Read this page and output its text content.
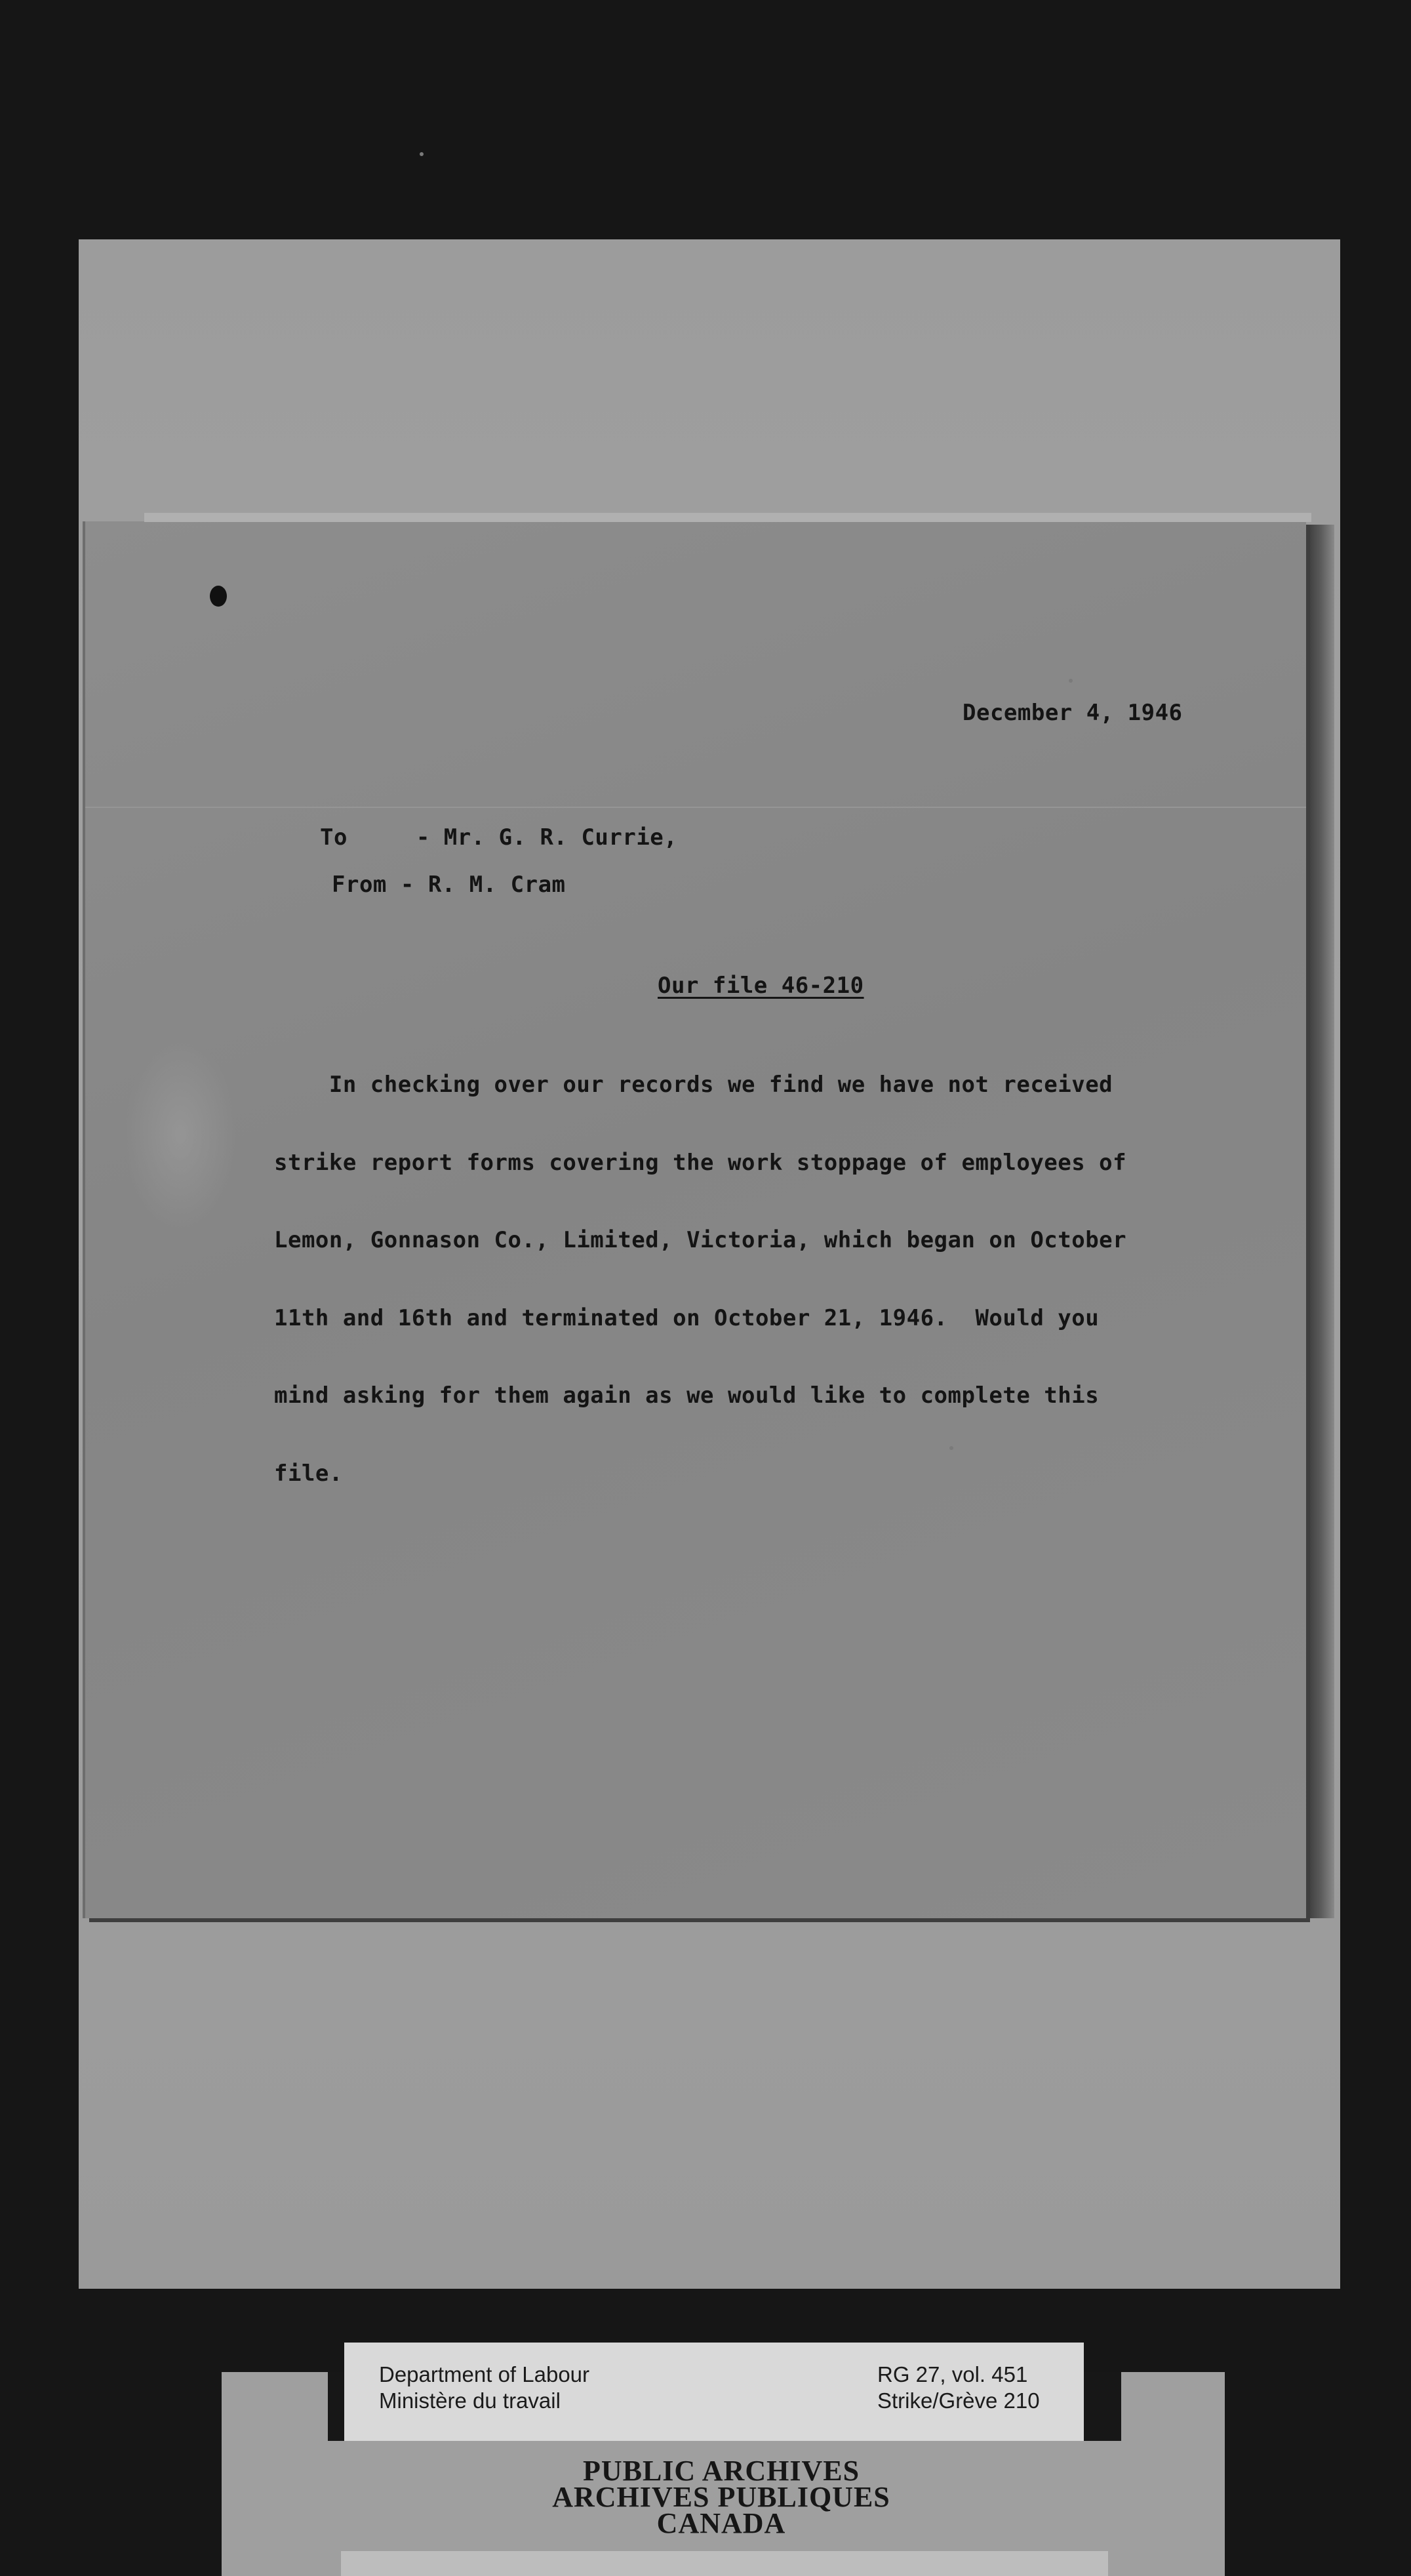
December 4, 1946
To	- Mr. G. R. Currie,
From - R. M. Cram
Our file 46-210

In checking over our records we find we have not received

strike report forms covering the work stoppage of employees of

Lemon, Gonnason Co., Limited, Victoria, which began on October

11th and 16th and terminated on October 21, 1946.  Would you

mind asking for them again as we would like to complete this

file.

Department of Labour
Ministère du travail
RG 27, vol. 451
Strike/Grève 210
PUBLIC ARCHIVES
ARCHIVES PUBLIQUES
CANADA
